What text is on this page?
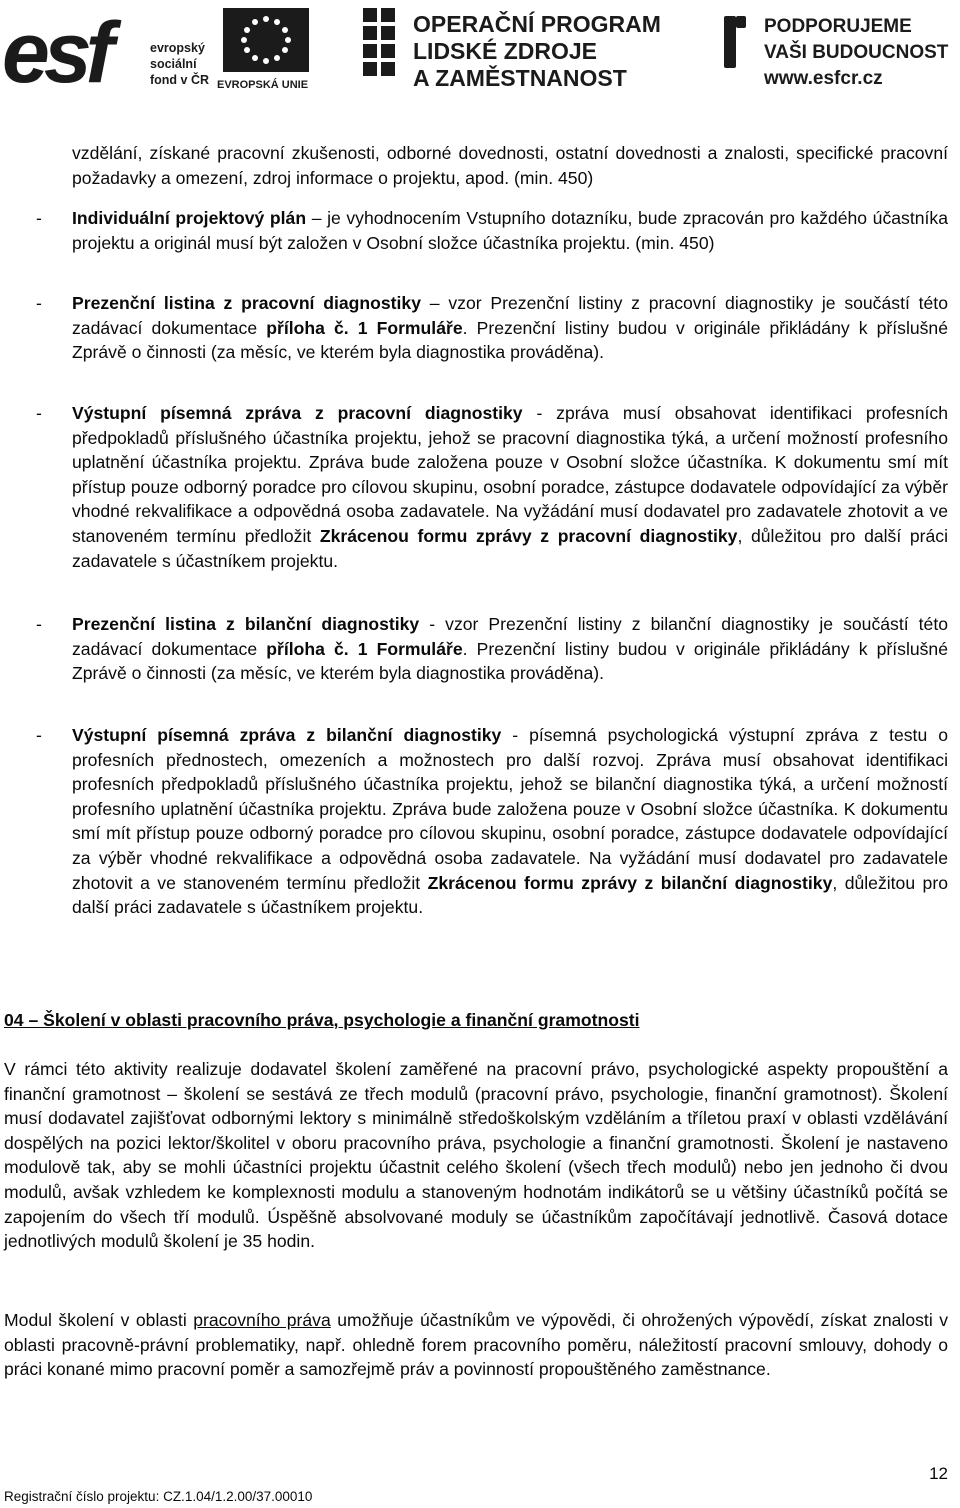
esf	evropský
sociální
fond v ČR EVROPSKÁ UNIE
OPERAČNÍ PROGRAM
LIDSKÉ ZDROJE
A ZAMĚSTNANOST
PODPORUJEME
VAŠI BUDOUCNOST
www.esfcr.cz
vzdělání, získané pracovní zkušenosti, odborné dovednosti, ostatní dovednosti a znalosti, specifické pracovní požadavky a omezení, zdroj informace o projektu, apod. (min. 450)
- Individuální projektový plán – je vyhodnocením Vstupního dotazníku, bude zpracován pro každého účastníka projektu a originál musí být založen v Osobní složce účastníka projektu. (min. 450)
- Prezenční listina z pracovní diagnostiky – vzor Prezenční listiny z pracovní diagnostiky je součástí této zadávací dokumentace příloha č. 1 Formuláře. Prezenční listiny budou v originále přikládány k příslušné Zprávě o činnosti (za měsíc, ve kterém byla diagnostika prováděna).
- Výstupní písemná zpráva z pracovní diagnostiky - zpráva musí obsahovat identifikaci profesních předpokladů příslušného účastníka projektu, jehož se pracovní diagnostika týká, a určení možností profesního uplatnění účastníka projektu. Zpráva bude založena pouze v Osobní složce účastníka. K dokumentu smí mít přístup pouze odborný poradce pro cílovou skupinu, osobní poradce, zástupce dodavatele odpovídající za výběr vhodné rekvalifikace a odpovědná osoba zadavatele. Na vyžádání musí dodavatel pro zadavatele zhotovit a ve stanoveném termínu předložit Zkrácenou formu zprávy z pracovní diagnostiky, důležitou pro další práci zadavatele s účastníkem projektu.
- Prezenční listina z bilanční diagnostiky - vzor Prezenční listiny z bilanční diagnostiky je součástí této zadávací dokumentace příloha č. 1 Formuláře. Prezenční listiny budou v originále přikládány k příslušné Zprávě o činnosti (za měsíc, ve kterém byla diagnostika prováděna).
- Výstupní písemná zpráva z bilanční diagnostiky - písemná psychologická výstupní zpráva z testu o profesních přednostech, omezeních a možnostech pro další rozvoj. Zpráva musí obsahovat identifikaci profesních předpokladů příslušného účastníka projektu, jehož se bilanční diagnostika týká, a určení možností profesního uplatnění účastníka projektu. Zpráva bude založena pouze v Osobní složce účastníka. K dokumentu smí mít přístup pouze odborný poradce pro cílovou skupinu, osobní poradce, zástupce dodavatele odpovídající za výběr vhodné rekvalifikace a odpovědná osoba zadavatele. Na vyžádání musí dodavatel pro zadavatele zhotovit a ve stanoveném termínu předložit Zkrácenou formu zprávy z bilanční diagnostiky, důležitou pro další práci zadavatele s účastníkem projektu.
04 – Školení v oblasti pracovního práva, psychologie a finanční gramotnosti
V rámci této aktivity realizuje dodavatel školení zaměřené na pracovní právo, psychologické aspekty propouštění a finanční gramotnost – školení se sestává ze třech modulů (pracovní právo, psychologie, finanční gramotnost). Školení musí dodavatel zajišťovat odbornými lektory s minimálně středoškolským vzděláním a tříletou praxí v oblasti vzdělávání dospělých na pozici lektor/školitel v oboru pracovního práva, psychologie a finanční gramotnosti. Školení je nastaveno modulově tak, aby se mohli účastníci projektu účastnit celého školení (všech třech modulů) nebo jen jednoho či dvou modulů, avšak vzhledem ke komplexnosti modulu a stanoveným hodnotám indikátorů se u většiny účastníků počítá se zapojením do všech tří modulů. Úspěšně absolvované moduly se účastníkům započítávají jednotlivě. Časová dotace jednotlivých modulů školení je 35 hodin.
Modul školení v oblasti pracovního práva umožňuje účastníkům ve výpovědi, či ohrožených výpovědí, získat znalosti v oblasti pracovně-právní problematiky, např. ohledně forem pracovního poměru, náležitostí pracovní smlouvy, dohody o práci konané mimo pracovní poměr a samozřejmě práv a povinností propouštěného zaměstnance.
12
Registrační číslo projektu: CZ.1.04/1.2.00/37.00010
